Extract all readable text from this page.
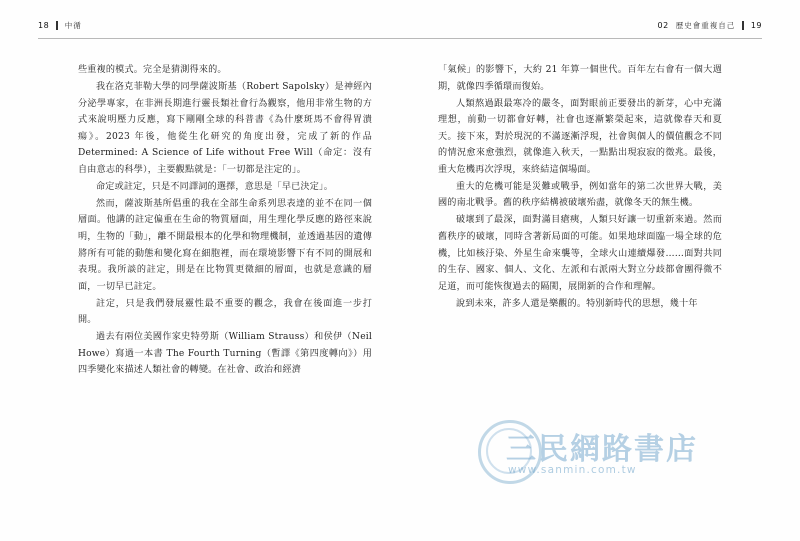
18 中循	02 歷史會重複自己 19

些重複的模式。完全是猜測得來的。

我在洛克菲勒大學的同學薩波斯基（Robert Sapolsky）是神經內分泌學專家，在非洲長期進行靈長類社會行為觀察，他用非常生物的方式來說明壓力反應，寫下剛剛全球的科普書《為什麼斑馬不會得胃潰瘍》。2023 年後，他從生化研究的角度出發，完成了新的作品 Determined: A Science of Life without Free Will（命定：沒有自由意志的科學），主要觀點就是：「一切都是注定的」。

命定或註定，只是不同譯詞的選擇，意思是「早已決定」。

然而，薩波斯基所倡重的我在全部生命系列思表達的並不在同一個層面。他講的註定偏重在生命的物質層面，用生理化學反應的路徑來說明，生物的「動」，離不開最根本的化學和物理機制，並透過基因的遺傳將所有可能的動態和變化寫在細胞裡，而在環境影響下有不同的開展和表現。我所談的註定，則是在比物質更微細的層面，也就是意識的層面，一切早已註定。

註定，只是我們發展靈性最不重要的觀念，我會在後面進一步打開。

過去有兩位美國作家史特勞斯（William Strauss）和侯伊（Neil Howe）寫過一本書 The Fourth Turning（暫譯《第四度轉向》）用四季變化來描述人類社會的轉變。在社會、政治和經濟

「氣候」的影響下，大約 21 年算一個世代。百年左右會有一個大週期，就像四季循環而復始。

人類熬過跟最寒冷的嚴冬，面對眼前正要發出的新芽，心中充滿理想，前動一切都會好轉，社會也逐漸繁榮起來，這就像春天和夏天。接下來，對於現況的不滿逐漸浮現，社會與個人的價值觀念不同的情況愈來愈強烈，就像進入秋天，一點點出現寂寂的徵兆。最後，重大危機再次浮現，來終結這個場面。

重大的危機可能是災難或戰爭，例如當年的第二次世界大戰，美國的南北戰爭。舊的秩序結構被破壞殆盡，就像冬天的無生機。

破壞到了最深，面對滿目瘡痍，人類只好讓一切重新來過。然而舊秩序的破壞，同時含著新局面的可能。如果地球面臨一場全球的危機，比如核汙染、外星生命來襲等，全球火山連續爆發……面對共同的生存、國家、個人、文化、左派和右派兩大對立分歧都會團得微不足道，而可能恢復過去的隔閡，展開新的合作和理解。

說到未來，許多人還是樂觀的。特別新時代的思想，幾十年

三民網路書店
www.sanmin.com.tw
